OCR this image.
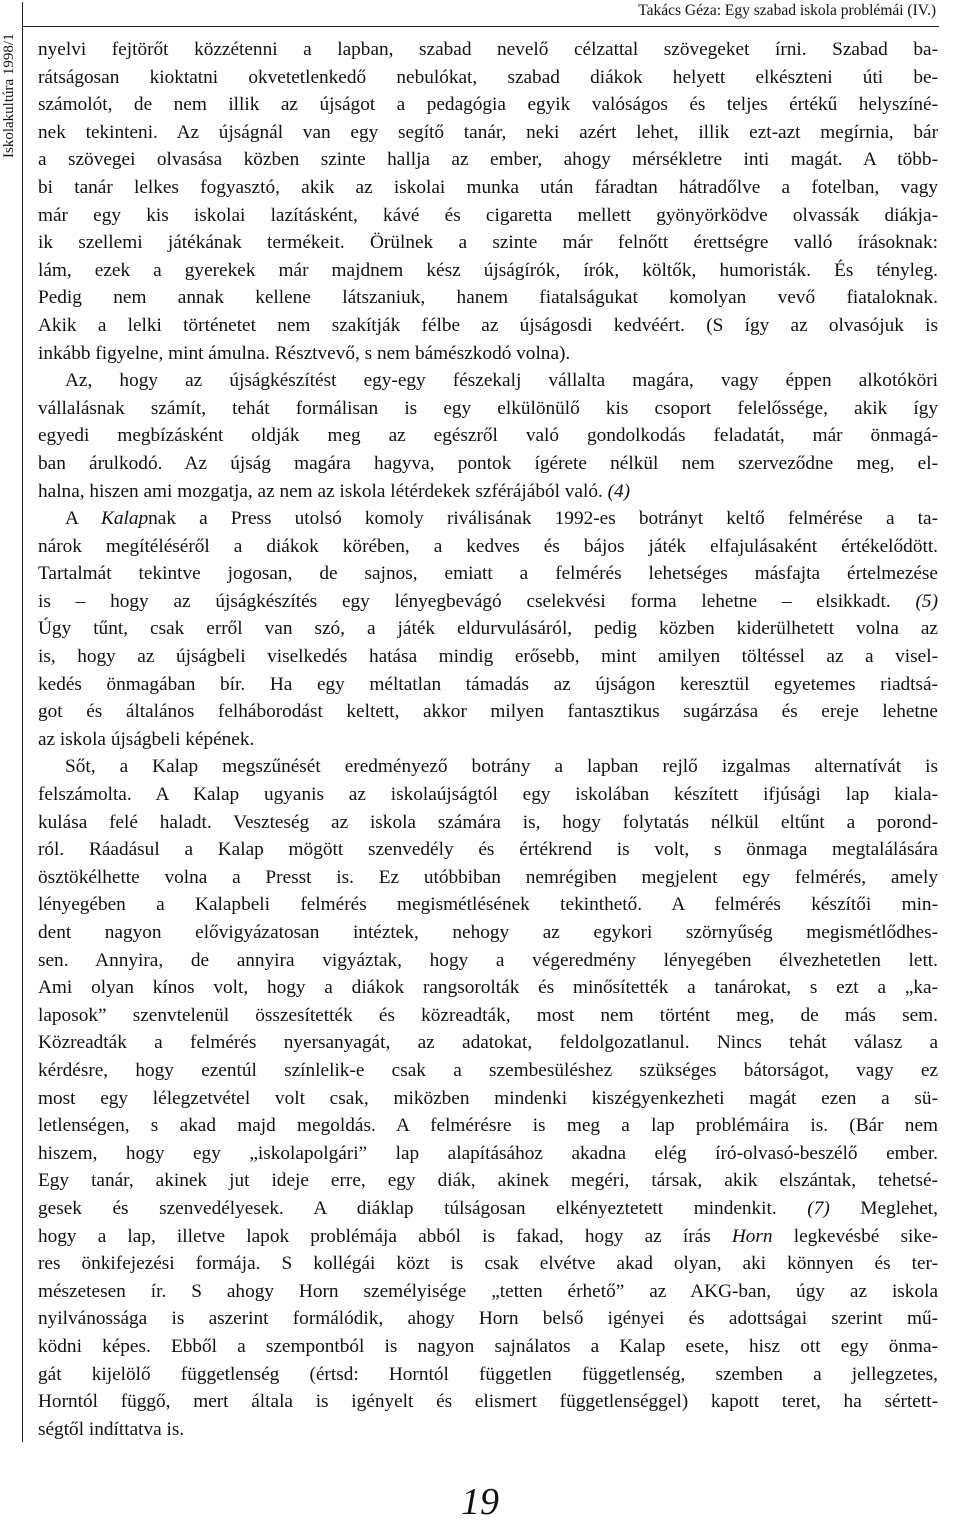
Iskolakultúra 1998/1
Takács Géza: Egy szabad iskola problémái (IV.)

nyelvi fejtörőt közzétenni a lapban, szabad nevelő célzattal szövegeket írni. Szabad ba-

rátságosan kioktatni okvetetlenkedő nebulókat, szabad diákok helyett elkészteni úti be-

számolót, de nem illik az újságot a pedagógia egyik valóságos és teljes értékű helyszíné-

nek tekinteni. Az újságnál van egy segítő tanár, neki azért lehet, illik ezt-azt megírnia, bár

a szövegei olvasása közben szinte hallja az ember, ahogy mérsékletre inti magát. A több-

bi tanár lelkes fogyasztó, akik az iskolai munka után fáradtan hátradőlve a fotelban, vagy

már egy kis iskolai lazításként, kávé és cigaretta mellett gyönyörködve olvassák diákja-

ik szellemi játékának termékeit. Örülnek a szinte már felnőtt érettségre valló írásoknak:

lám, ezek a gyerekek már majdnem kész újságírók, írók, költők, humoristák. És tényleg.

Pedig nem annak kellene látszaniuk, hanem fiatalságukat komolyan vevő fiataloknak.

Akik a lelki történetet nem szakítják félbe az újságosdi kedvéért. (S így az olvasójuk is

inkább figyelne, mint ámulna. Résztvevő, s nem bámészkodó volna).

Az, hogy az újságkészítést egy-egy fészekalj vállalta magára, vagy éppen alkotóköri

vállalásnak számít, tehát formálisan is egy elkülönülő kis csoport felelőssége, akik így

egyedi megbízásként oldják meg az egészről való gondolkodás feladatát, már önmagá-

ban árulkodó. Az újság magára hagyva, pontok ígérete nélkül nem szerveződne meg, el-

halna, hiszen ami mozgatja, az nem az iskola létérdekek szférájából való. (4)

A Kalapnak a Press utolsó komoly riválisának 1992-es botrányt keltő felmérése a ta-

nárok megítéléséről a diákok körében, a kedves és bájos játék elfajulásaként értékelődött.

Tartalmát tekintve jogosan, de sajnos, emiatt a felmérés lehetséges másfajta értelmezése

is – hogy az újságkészítés egy lényegbevágó cselekvési forma lehetne – elsikkadt. (5)

Úgy tűnt, csak erről van szó, a játék eldurvulásáról, pedig közben kiderülhetett volna az

is, hogy az újságbeli viselkedés hatása mindig erősebb, mint amilyen töltéssel az a visel-

kedés önmagában bír. Ha egy méltatlan támadás az újságon keresztül egyetemes riadtsá-

got és általános felháborodást keltett, akkor milyen fantasztikus sugárzása és ereje lehetne

az iskola újságbeli képének.

Sőt, a Kalap megszűnését eredményező botrány a lapban rejlő izgalmas alternatívát is

felszámolta. A Kalap ugyanis az iskolaújságtól egy iskolában készített ifjúsági lap kiala-

kulása felé haladt. Veszteség az iskola számára is, hogy folytatás nélkül eltűnt a porond-

ról. Ráadásul a Kalap mögött szenvedély és értékrend is volt, s önmaga megtalálására

ösztökélhette volna a Presst is. Ez utóbbiban nemrégiben megjelent egy felmérés, amely

lényegében a Kalapbeli felmérés megismétlésének tekinthető. A felmérés készítői min-

dent nagyon elővigyázatosan intéztek, nehogy az egykori szörnyűség megismétlődhes-

sen. Annyira, de annyira vigyáztak, hogy a végeredmény lényegében élvezhetetlen lett.

Ami olyan kínos volt, hogy a diákok rangsorolták és minősítették a tanárokat, s ezt a „ka-

laposok” szenvtelenül összesítették és közreadták, most nem történt meg, de más sem.

Közreadták a felmérés nyersanyagát, az adatokat, feldolgozatlanul. Nincs tehát válasz a

kérdésre, hogy ezentúl színlelik-e csak a szembesüléshez szükséges bátorságot, vagy ez

most egy lélegzetvétel volt csak, miközben mindenki kiszégyenkezheti magát ezen a sü-

letlenségen, s akad majd megoldás. A felmérésre is meg a lap problémáira is. (Bár nem

hiszem, hogy egy „iskolapolgári” lap alapításához akadna elég író-olvasó-beszélő ember.

Egy tanár, akinek jut ideje erre, egy diák, akinek megéri, társak, akik elszántak, tehetsé-

gesek és szenvedélyesek. A diáklap túlságosan elkényeztetett mindenkit. (7) Meglehet,

hogy a lap, illetve lapok problémája abból is fakad, hogy az írás Horn legkevésbé sike-

res önkifejezési formája. S kollégái közt is csak elvétve akad olyan, aki könnyen és ter-

mészetesen ír. S ahogy Horn személyisége „tetten érhető” az AKG-ban, úgy az iskola

nyilvánossága is aszerint formálódik, ahogy Horn belső igényei és adottságai szerint mű-

ködni képes. Ebből a szempontból is nagyon sajnálatos a Kalap esete, hisz ott egy önma-

gát kijelölő függetlenség (értsd: Horntól független függetlenség, szemben a jellegzetes,

Horntól függő, mert általa is igényelt és elismert függetlenséggel) kapott teret, ha sértett-

ségtől indíttatva is.

19
